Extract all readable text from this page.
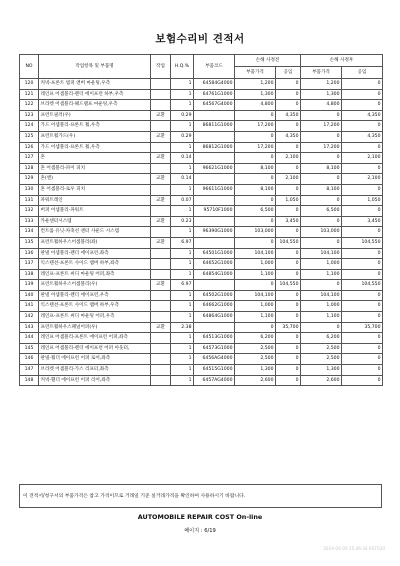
보험수리비 견적서
NO	작업항목 및 부품명	작업	H.Q.%	부품코드	손해 사정전		손해 사정후	
					부품가격	공임	부품가격	공임
120	커넥-프론트 범퍼 앤버 마운팅,우측		1	64584G4000	1,200	0	1,200	0
121	레인프 어셈블리-펜더 에이프런 하부,우측		1	64761G1000	1,300	0	1,300	0
122	브라켓 어셈블리-헤드램프 마운팅,우측		1	64567G4000	4,800	0	4,800	0
123	프런트필러(우)	교환	0.29		0	4,350	0	4,350
124	가드 어셈블리-프론트 휠,우측		1	86811G1000	17,200	0	17,200	0
125	프런트휠가드(우)	교환	0.29		0	4,350	0	4,350
126	가드 어셈블리-프론트 휠,우측		1	86812G1000	17,200	0	17,200	0
127	혼	교환	0.14		0	2,100	0	2,100
128	혼 어셈블리-파이 피치		1	96621G1000	8,100	0	8,100	0
129	혼(엔)	교환	0.14		0	2,100	0	2,100
130	혼 어셈블리-로우 피치		1	96611G1000	8,100	0	8,100	0
131	파워트레인	교환	0.07		0	1,050	0	1,050
132	버퍼 어셈블리-파워트		1	95710F1000	6,500	0	6,500	0
133	카운센터시스템	교환	0.23		0	3,450	0	3,450
134	컨트롤 유닛-차축선 센터 사운드 시스템		1	96390G1000	103,000	0	103,000	0
135	프런트휠하우스어셈블리(좌)	교환	6.97		0	104,550	0	104,550
136	판넬 어셈블리-펜더 에이프런,좌측		1	64501G1000	104,100	0	104,100	0
137	익스텐션-프론트 사이드 멤버 하부,좌측		1	64652G1000	1,000	0	1,000	0
138	레인프-프론트 써디 마운팅 어퍼,좌측		1	64854G1000	1,100	0	1,100	0
139	프런트휠하우스어셈블리(우)	교환	6.97		0	104,550	0	104,550
140	판넬 어셈블리-펜더 에이프런,우측		1	64502G1000	104,100	0	104,100	0
141	익스텐션-프론트 사이드 멤버 하부,우측		1	64662G1000	1,000	0	1,000	0
142	레인프-프론트 써디 마운팅 어퍼,우측		1	64864G1000	1,100	0	1,100	0
143	프런트휠하우스패널어퍼(우)	교환	2.38		0	35,700	0	35,700
144	레인프 어셈블리-프론트 에이프런 어퍼,좌측		1	64513G1000	6,200	0	6,200	0
145	레인프 어셈블리-펜더 에이프런 어퍼 아웃터,		1	64573G1000	2,500	0	2,500	0
146	판넬-휠더 에이프런 어퍼 로어,좌측		1	6456AG4000	2,500	0	2,500	0
147	브라켓 어셈블리-가스 리프터,좌측		1	64515G1000	1,300	0	1,300	0
148	커넥-휀더 에이프런 어퍼 리어,좌측		1	6457AG4000	2,600	0	2,600	0
이 견적서/청구서의 부품가격은 참고 가격이므로 거래일 기준 실거래가격을 확인하여 사용하시기 바랍니다.
AUTOMOBILE REPAIR COST On-line
페이지 : 6/19
2024-04-05 15:46:34 KST030
